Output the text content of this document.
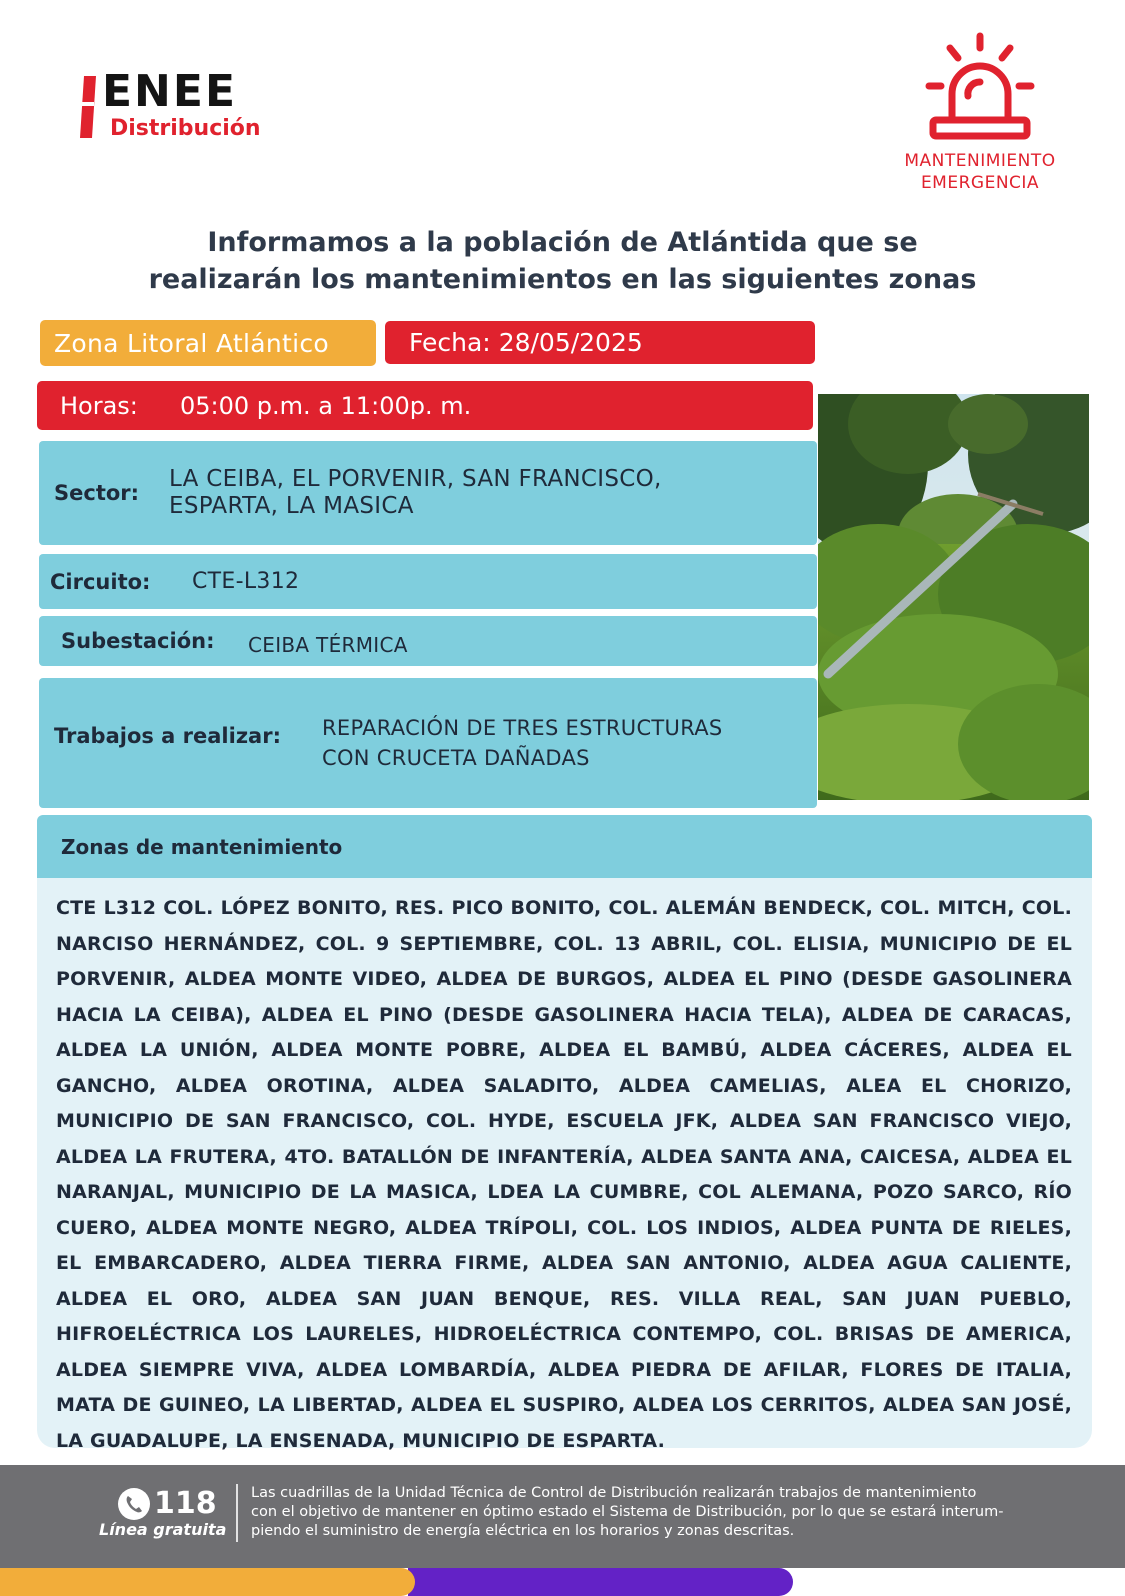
ENEE
Distribución
MANTENIMIENTO
EMERGENCIA
Informamos a la población de Atlántida que se
realizarán los mantenimientos en las siguientes zonas
Zona Litoral Atlántico	Fecha:
28/05/2025
Horas:	05:00 p.m. a 11:00p. m.
Sector:
LA CEIBA, EL PORVENIR, SAN FRANCISCO,
ESPARTA, LA MASICA
Circuito:	CTE-L312
Subestación:	CEIBA TÉRMICA
Trabajos a realizar:	REPARACIÓN DE TRES ESTRUCTURAS
CON CRUCETA DAÑADAS
Zonas de mantenimiento
CTE L312 COL. LÓPEZ BONITO, RES. PICO BONITO, COL. ALEMÁN BENDECK, COL. MITCH, COL. NARCISO HERNÁNDEZ, COL. 9 SEPTIEMBRE, COL. 13 ABRIL, COL. ELISIA, MUNICIPIO DE EL PORVENIR, ALDEA MONTE VIDEO, ALDEA DE BURGOS, ALDEA EL PINO (DESDE GASOLINERA HACIA LA CEIBA), ALDEA EL PINO (DESDE GASOLINERA HACIA TELA), ALDEA DE CARACAS, ALDEA LA UNIÓN, ALDEA MONTE POBRE, ALDEA EL BAMBÚ, ALDEA CÁCERES, ALDEA EL GANCHO, ALDEA OROTINA, ALDEA SALADITO, ALDEA CAMELIAS, ALEA EL CHORIZO, MUNICIPIO DE SAN FRANCISCO, COL. HYDE, ESCUELA JFK, ALDEA SAN FRANCISCO VIEJO, ALDEA LA FRUTERA, 4TO. BATALLÓN DE INFANTERÍA, ALDEA SANTA ANA, CAICESA, ALDEA EL NARANJAL, MUNICIPIO DE LA MASICA, LDEA LA CUMBRE, COL ALEMANA, POZO SARCO, RÍO CUERO, ALDEA MONTE NEGRO, ALDEA TRÍPOLI, COL. LOS INDIOS, ALDEA PUNTA DE RIELES, EL EMBARCADERO, ALDEA TIERRA FIRME, ALDEA SAN ANTONIO, ALDEA AGUA CALIENTE, ALDEA EL ORO, ALDEA SAN JUAN BENQUE, RES. VILLA REAL, SAN JUAN PUEBLO, HIFROELÉCTRICA LOS LAURELES, HIDROELÉCTRICA CONTEMPO, COL. BRISAS DE AMERICA, ALDEA SIEMPRE VIVA, ALDEA LOMBARDÍA, ALDEA PIEDRA DE AFILAR, FLORES DE ITALIA, MATA DE GUINEO, LA LIBERTAD, ALDEA EL SUSPIRO, ALDEA LOS CERRITOS, ALDEA SAN JOSÉ, LA GUADALUPE, LA ENSENADA, MUNICIPIO DE ESPARTA.
118
Línea gratuita
Las cuadrillas de la Unidad Técnica de Control de Distribución realizarán trabajos de mantenimiento
con el objetivo de mantener en óptimo estado el Sistema de Distribución, por lo que se estará interum-
piendo el suministro de energía eléctrica en los horarios y zonas descritas.
